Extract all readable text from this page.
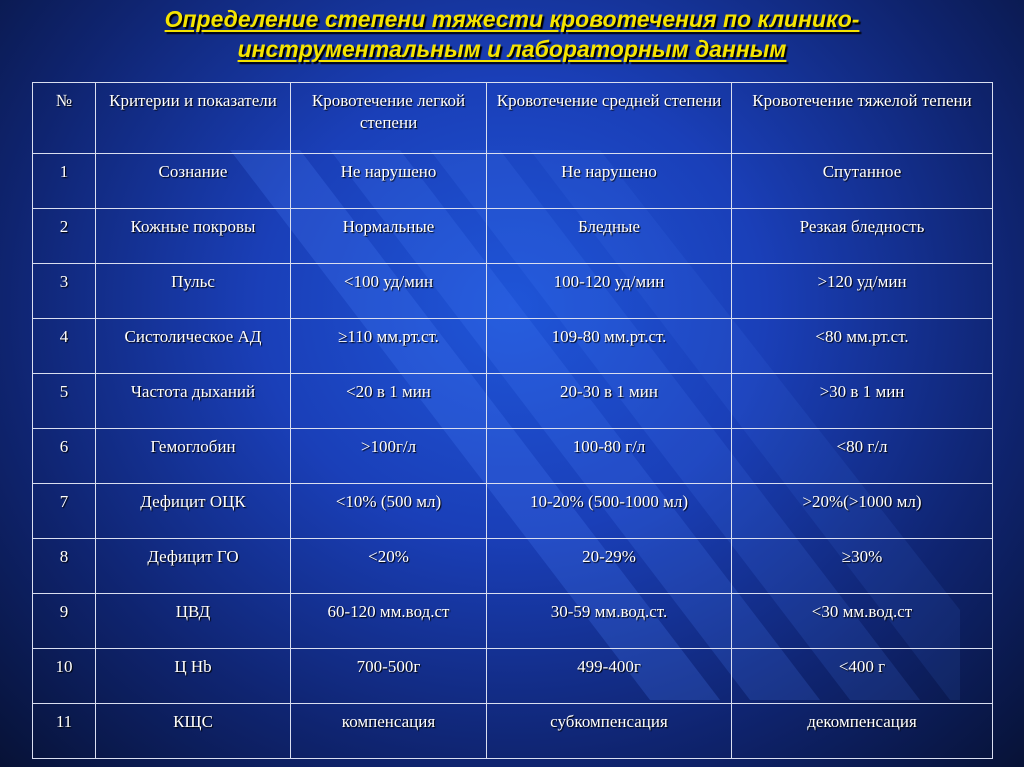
Определение степени тяжести кровотечения по клинико-
инструментальным и лабораторным данным
№	Критерии и показатели	Кровотечение легкой степени	Кровотечение средней степени	Кровотечение тяжелой тепени
1	Сознание	Не нарушено	Не нарушено	Спутанное
2	Кожные покровы	Нормальные	Бледные	Резкая бледность
3	Пульс	<100 уд/мин	100-120 уд/мин	>120 уд/мин
4	Систолическое АД	≥110 мм.рт.ст.	109-80 мм.рт.ст.	<80 мм.рт.ст.
5	Частота дыханий	<20 в 1 мин	20-30 в 1 мин	>30 в 1 мин
6	Гемоглобин	>100г/л	100-80 г/л	<80 г/л
7	Дефицит ОЦК	<10% (500 мл)	10-20% (500-1000 мл)	>20%(>1000 мл)
8	Дефицит ГО	<20%	20-29%	≥30%
9	ЦВД	60-120 мм.вод.ст	30-59 мм.вод.ст.	<30 мм.вод.ст
10	Ц Hb	700-500г	499-400г	<400 г
11	КЩС	компенсация	субкомпенсация	декомпенсация
